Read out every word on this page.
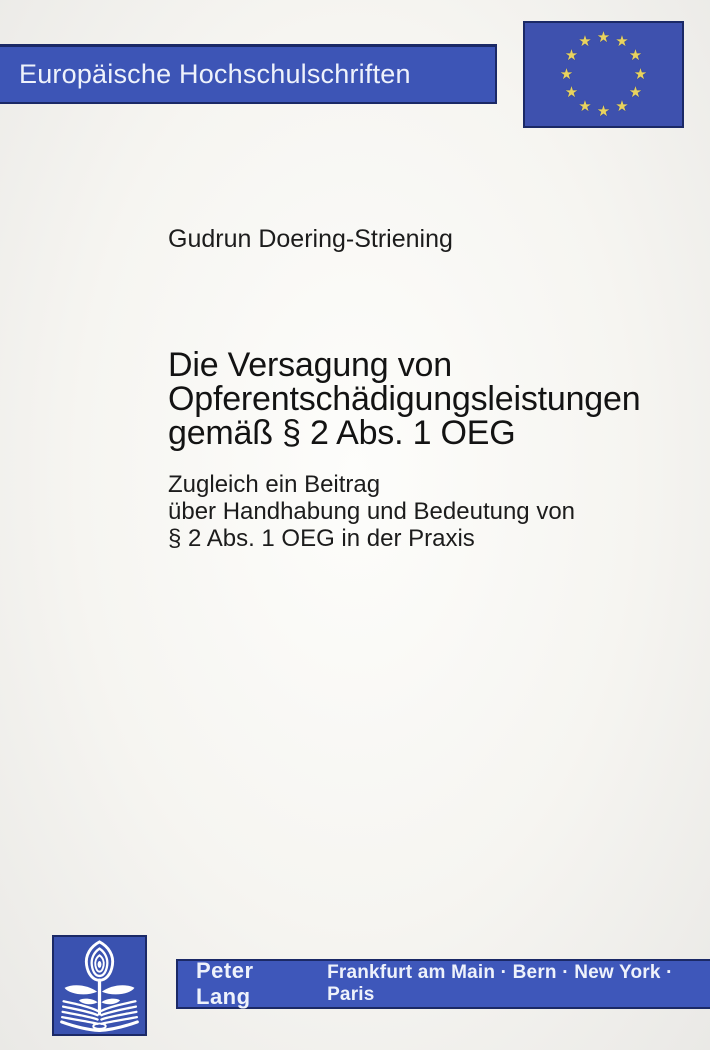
Europäische Hochschulschriften
★ ★
★
★
★
★
★
★
★
★
★
★
Gudrun Doering-Striening
Die Versagung von
Opferentschädigungsleistungen
gemäß § 2 Abs. 1 OEG
Zugleich ein Beitrag
über Handhabung und Bedeutung von
§ 2 Abs. 1 OEG in der Praxis
Peter Lang
Frankfurt am Main · Bern · New York · Paris
